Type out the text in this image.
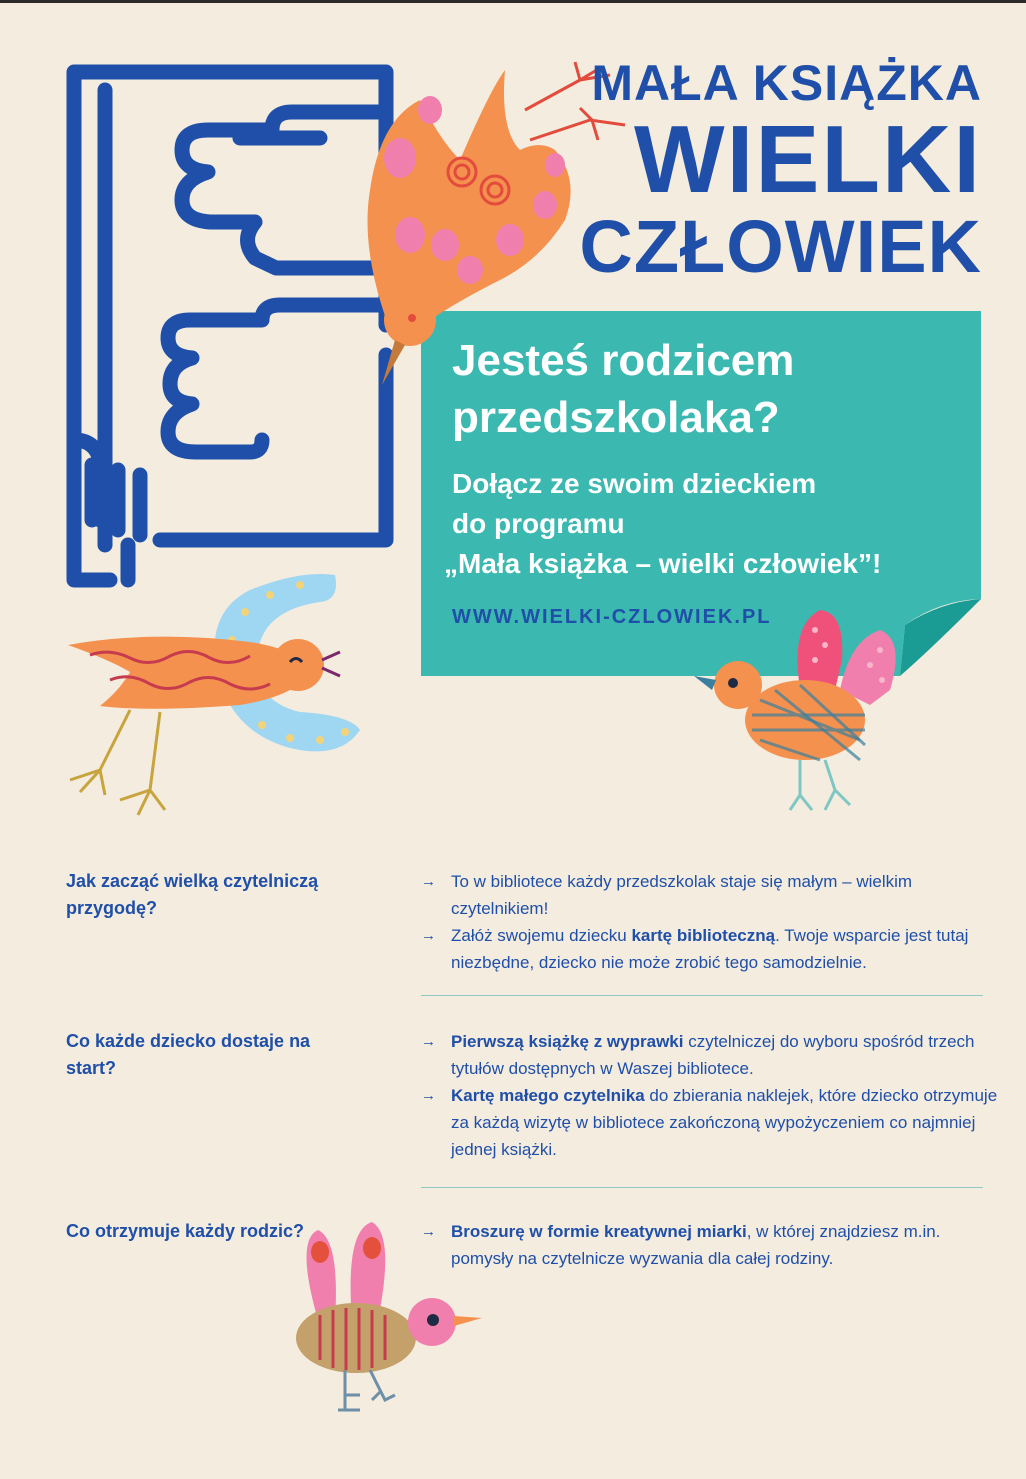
MAŁA KSIĄŻKA
WIELKI
CZŁOWIEK
Jesteś rodzicem przedszkolaka?
Dołącz ze swoim dzieckiem
do programu
„Mała książka – wielki człowiek”!
WWW.WIELKI-CZLOWIEK.PL
Jak zacząć wielką czytelniczą przygodę?
→ To w bibliotece każdy przedszkolak staje się małym – wielkim czytelnikiem!
→ Załóż swojemu dziecku kartę biblioteczną. Twoje wsparcie jest tutaj niezbędne, dziecko nie może zrobić tego samodzielnie.
Co każde dziecko dostaje na start?
→ Pierwszą książkę z wyprawki czytelniczej do wyboru spośród trzech tytułów dostępnych w Waszej bibliotece.
→ Kartę małego czytelnika do zbierania naklejek, które dziecko otrzymuje za każdą wizytę w bibliotece zakończoną wypożyczeniem co najmniej jednej książki.
Co otrzymuje każdy rodzic?	→ Broszurę w formie kreatywnej miarki, w której znajdziesz m.in. pomysły na czytelnicze wyzwania dla całej rodziny.
